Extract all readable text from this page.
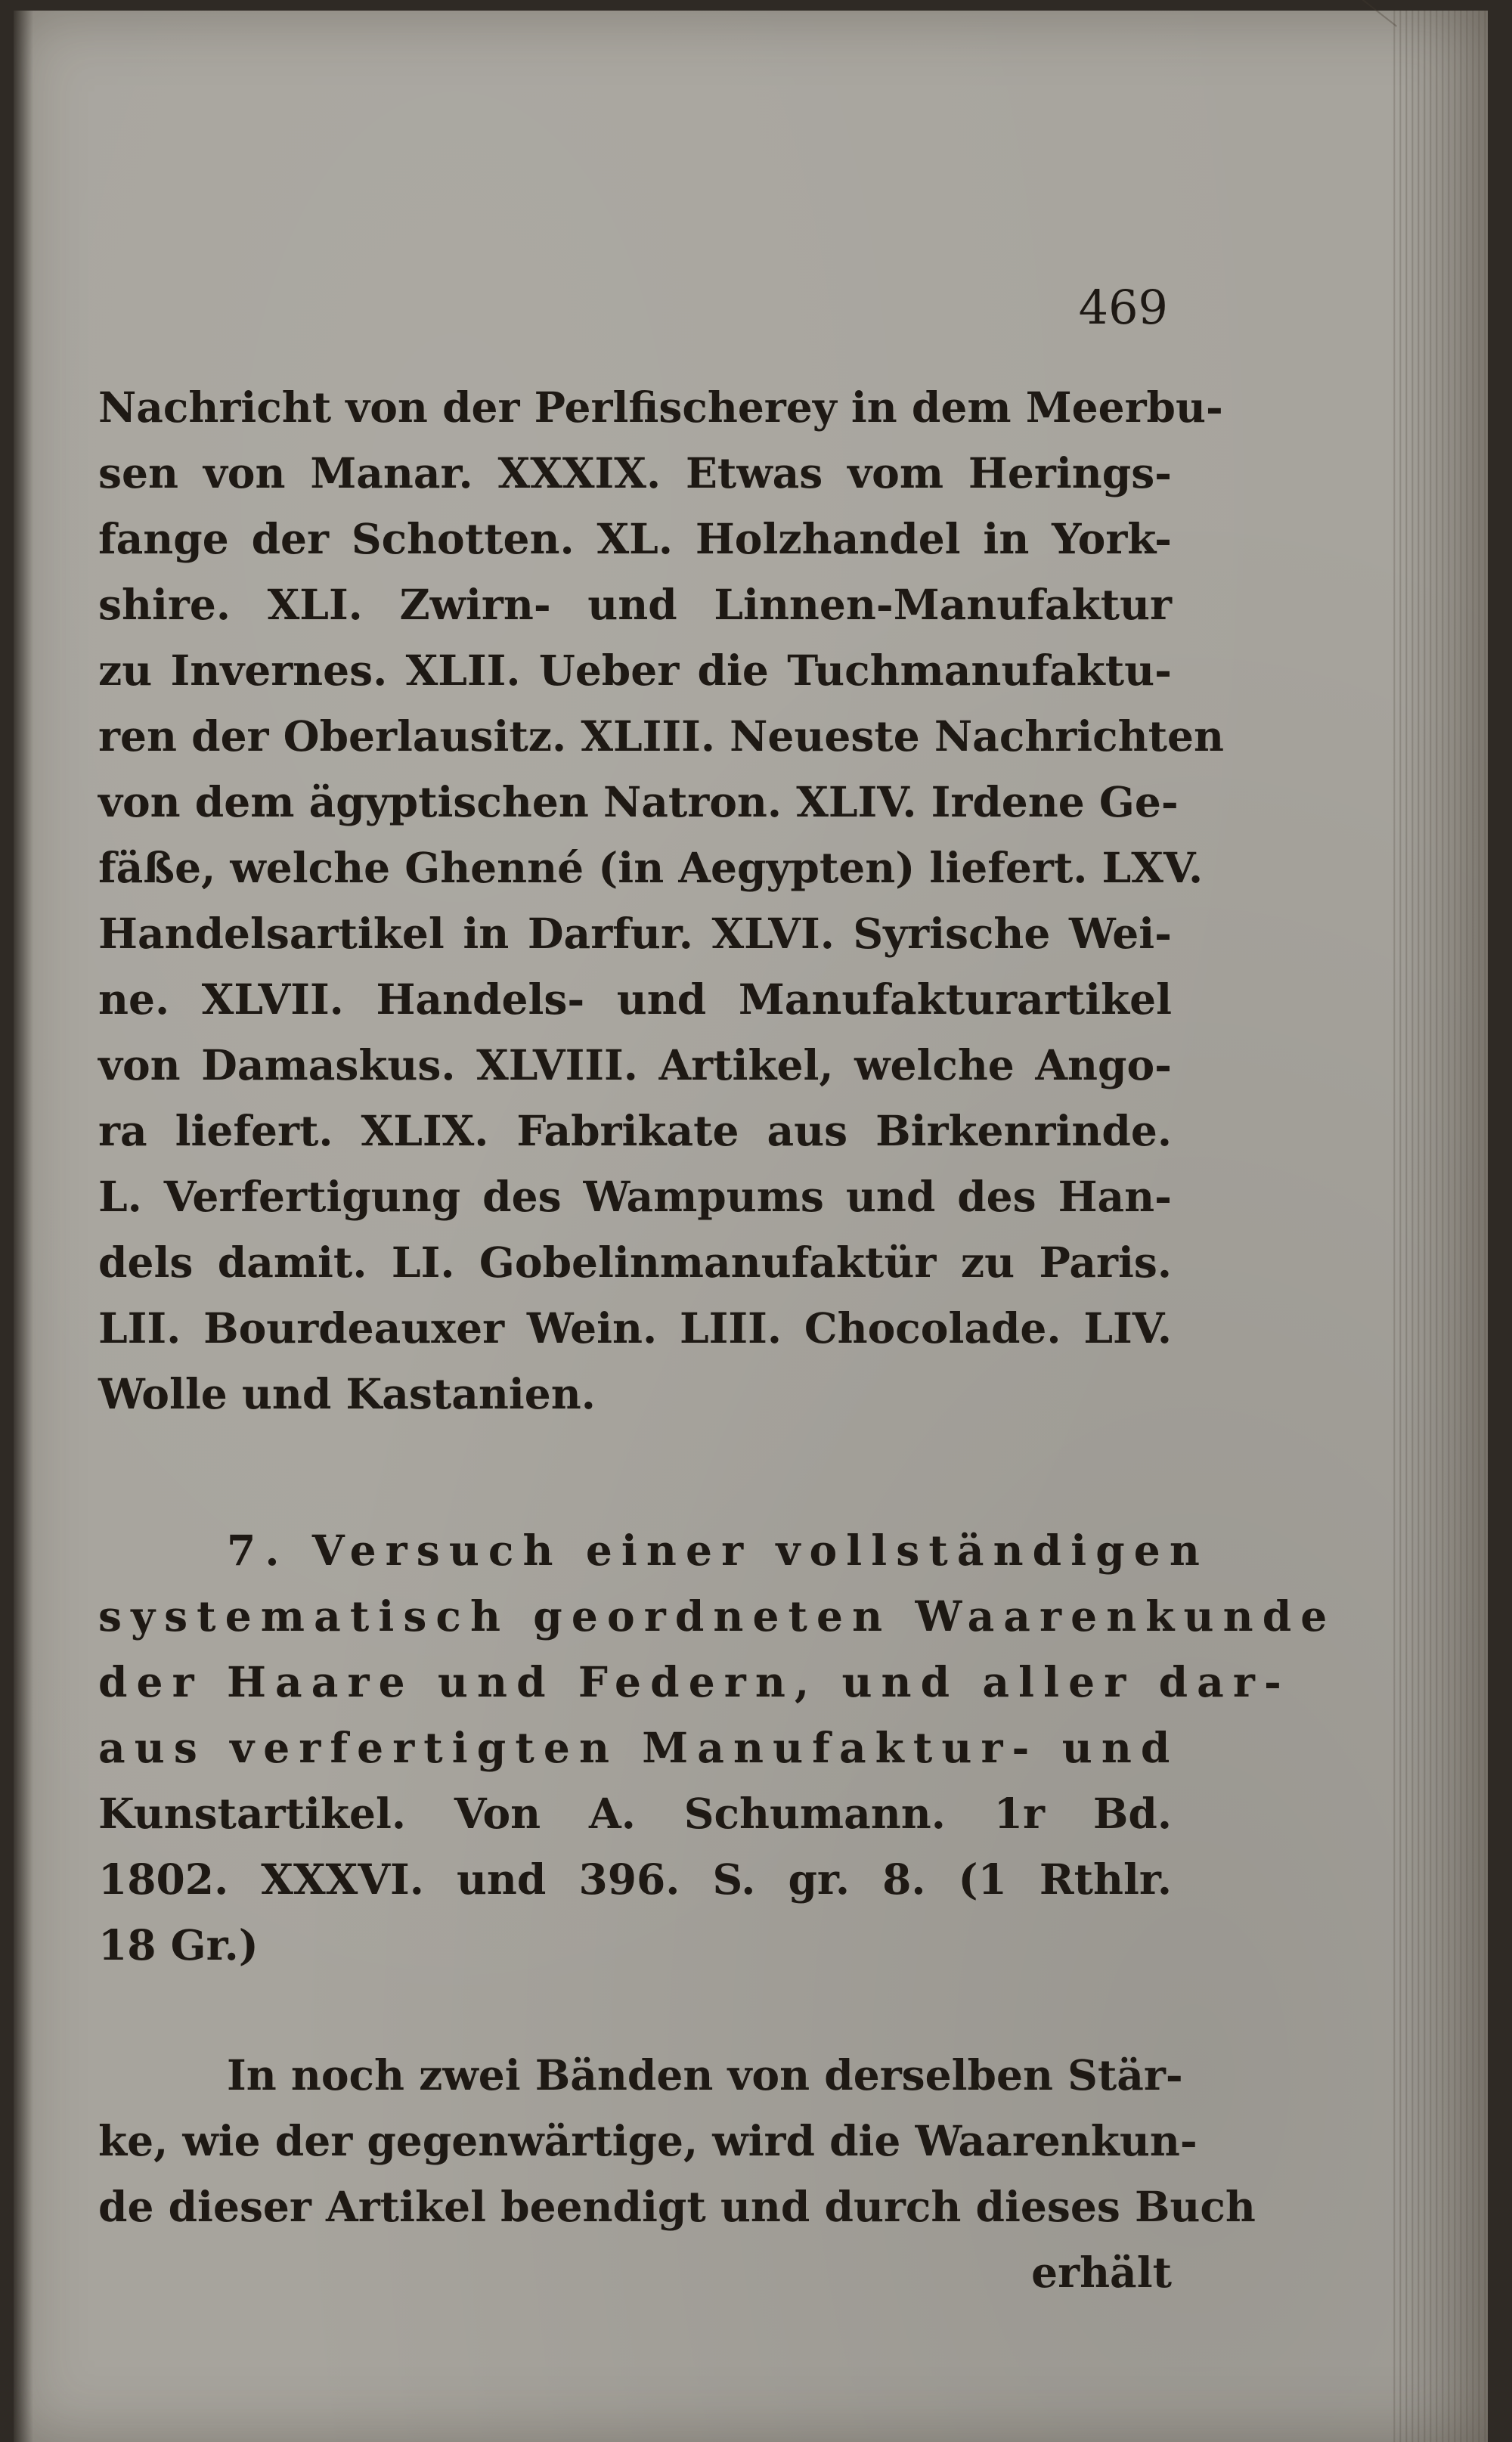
469
Nachricht von der Perlfischerey in dem Meerbu-
sen von Manar. XXXIX. Etwas vom Herings-
fange der Schotten. XL. Holzhandel in York-
shire. XLI. Zwirn- und Linnen-Manufaktur
zu Invernes. XLII. Ueber die Tuchmanufaktu-
ren der Oberlausitz. XLIII. Neueste Nachrichten
von dem ägyptischen Natron. XLIV. Irdene Ge-
fäße, welche Ghenné (in Aegypten) liefert. LXV.
Handelsartikel in Darfur. XLVI. Syrische Wei-
ne. XLVII. Handels- und Manufakturartikel
von Damaskus. XLVIII. Artikel, welche Ango-
ra liefert. XLIX. Fabrikate aus Birkenrinde.
L. Verfertigung des Wampums und des Han-
dels damit. LI. Gobelinmanufaktür zu Paris.
LII. Bourdeauxer Wein. LIII. Chocolade. LIV.
Wolle und Kastanien.
7. Versuch einer vollständigen
systematisch geordneten Waarenkunde
der Haare und Federn, und aller dar-
aus verfertigten Manufaktur- und
Kunstartikel. Von A. Schumann. 1r Bd.
1802. XXXVI. und 396. S. gr. 8. (1 Rthlr.
18 Gr.)
In noch zwei Bänden von derselben Stär-
ke, wie der gegenwärtige, wird die Waarenkun-
de dieser Artikel beendigt und durch dieses Buch
erhält
